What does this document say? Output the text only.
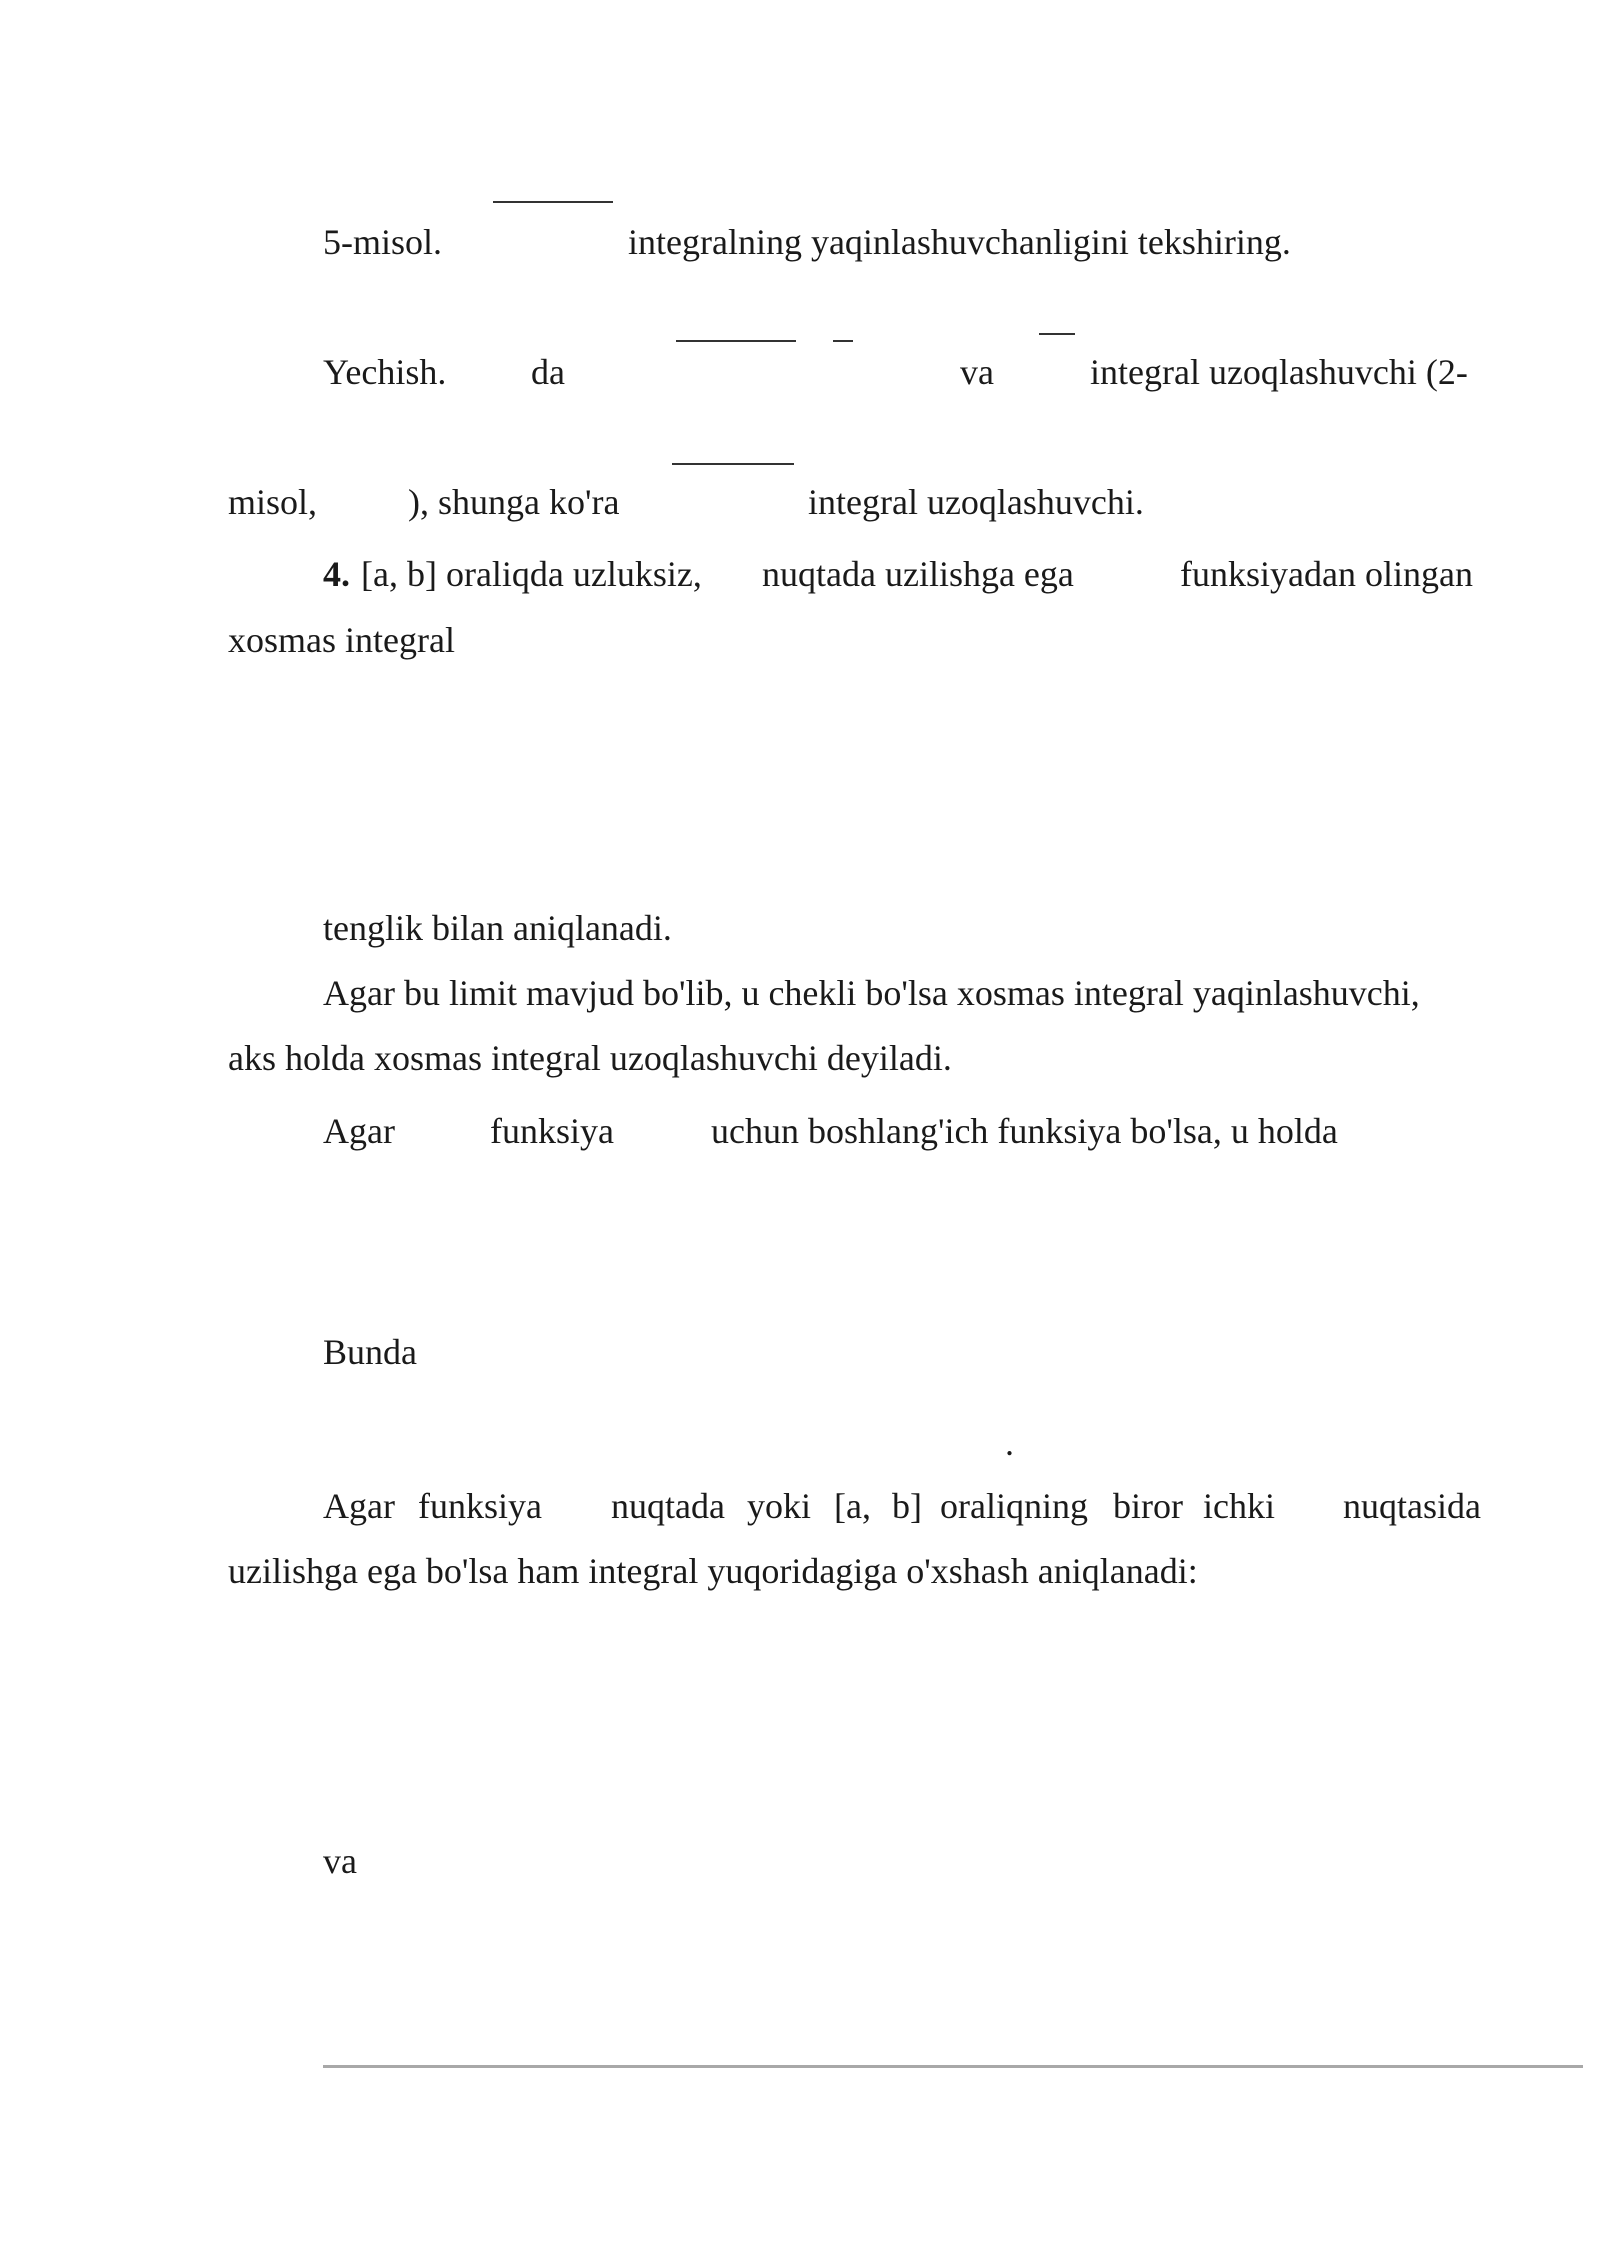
5-misol.	integralning yaqinlashuvchanligini tekshiring.
Yechish. da	va	integral uzoqlashuvchi (2-
misol,	), shunga ko'ra	integral uzoqlashuvchi.
4. [a, b] oraliqda uzluksiz, nuqtada uzilishga ega	funksiyadan olingan
xosmas integral
tenglik bilan aniqlanadi.
Agar bu limit mavjud bo'lib, u chekli bo'lsa xosmas integral yaqinlashuvchi,
aks holda xosmas integral uzoqlashuvchi deyiladi.
Agar	funksiya	uchun boshlang'ich funksiya bo'lsa, u holda
Bunda
.
Agar funksiya nuqtada yoki [a, b] oraliqning biror ichki nuqtasida
uzilishga ega bo'lsa ham integral yuqoridagiga o'xshash aniqlanadi:
va
